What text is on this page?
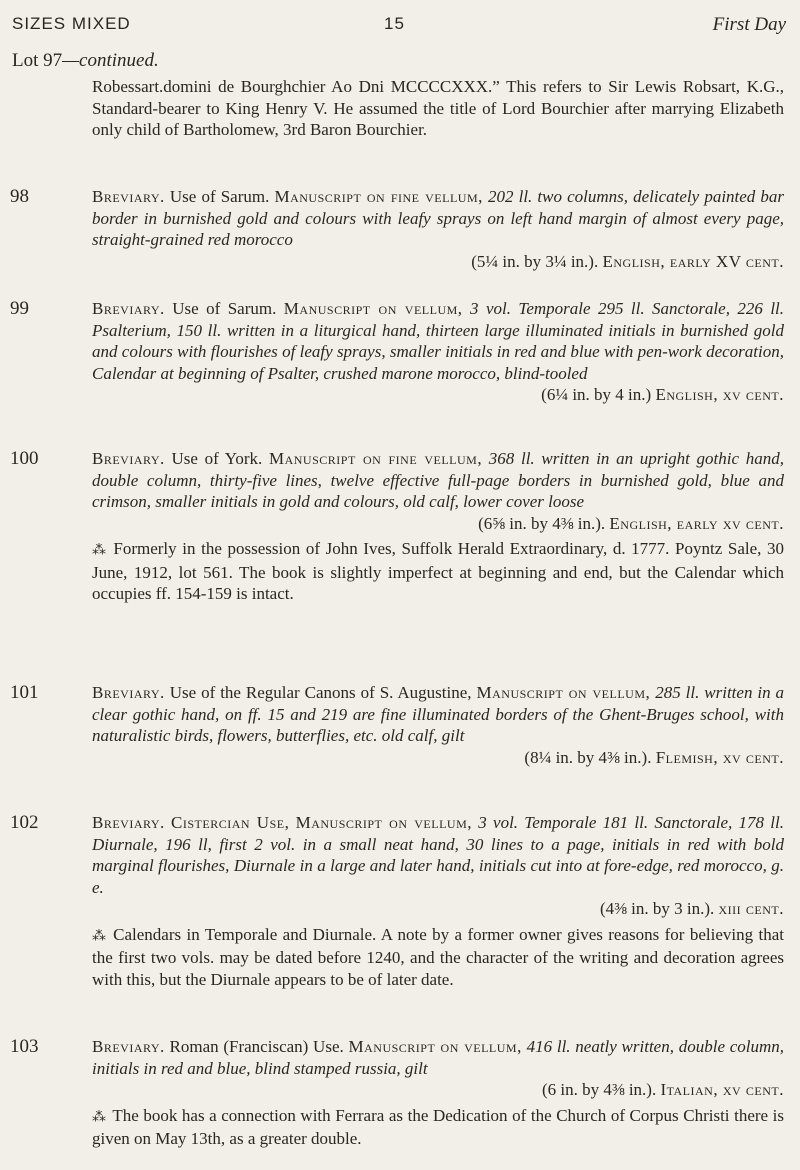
SIZES MIXED	15	First Day
Lot 97—continued.

Robessart.domini de Bourghchier Ao Dni MCCCCXXX.” This refers to Sir Lewis Robsart, K.G., Standard-bearer to King Henry V. He assumed the title of Lord Bourchier after marrying Elizabeth only child of Bartholomew, 3rd Baron Bourchier.

98	Breviary. Use of Sarum. Manuscript on fine vellum, 202 ll. two columns, delicately painted bar border in burnished gold and colours with leafy sprays on left hand margin of almost every page, straight-grained red morocco
(5¼ in. by 3¼ in.). English, early XV cent.

99	Breviary. Use of Sarum. Manuscript on vellum, 3 vol. Temporale 295 ll. Sanctorale, 226 ll. Psalterium, 150 ll. written in a liturgical hand, thirteen large illuminated initials in burnished gold and colours with flourishes of leafy sprays, smaller initials in red and blue with pen-work decoration, Calendar at beginning of Psalter, crushed marone morocco, blind-tooled
(6¼ in. by 4 in.) English, xv cent.

100	Breviary. Use of York. Manuscript on fine vellum, 368 ll. written in an upright gothic hand, double column, thirty-five lines, twelve effective full-page borders in burnished gold, blue and crimson, smaller initials in gold and colours, old calf, lower cover loose
(6⅝ in. by 4⅜ in.). English, early xv cent.

⁂ Formerly in the possession of John Ives, Suffolk Herald Extraordinary, d. 1777. Poyntz Sale, 30 June, 1912, lot 561. The book is slightly imperfect at beginning and end, but the Calendar which occupies ff. 154-159 is intact.

101	Breviary. Use of the Regular Canons of S. Augustine, Manuscript on vellum, 285 ll. written in a clear gothic hand, on ff. 15 and 219 are fine illuminated borders of the Ghent-Bruges school, with naturalistic birds, flowers, butterflies, etc. old calf, gilt
(8¼ in. by 4⅜ in.). Flemish, xv cent.

102	Breviary. Cistercian Use, Manuscript on vellum, 3 vol. Temporale 181 ll. Sanctorale, 178 ll. Diurnale, 196 ll, first 2 vol. in a small neat hand, 30 lines to a page, initials in red with bold marginal flourishes, Diurnale in a large and later hand, initials cut into at fore-edge, red morocco, g. e.
(4⅜ in. by 3 in.). xiii cent.

⁂ Calendars in Temporale and Diurnale. A note by a former owner gives reasons for believing that the first two vols. may be dated before 1240, and the character of the writing and decoration agrees with this, but the Diurnale appears to be of later date.

103	Breviary. Roman (Franciscan) Use. Manuscript on vellum, 416 ll. neatly written, double column, initials in red and blue, blind stamped russia, gilt
(6 in. by 4⅜ in.). Italian, xv cent.

⁂ The book has a connection with Ferrara as the Dedication of the Church of Corpus Christi there is given on May 13th, as a greater double.
